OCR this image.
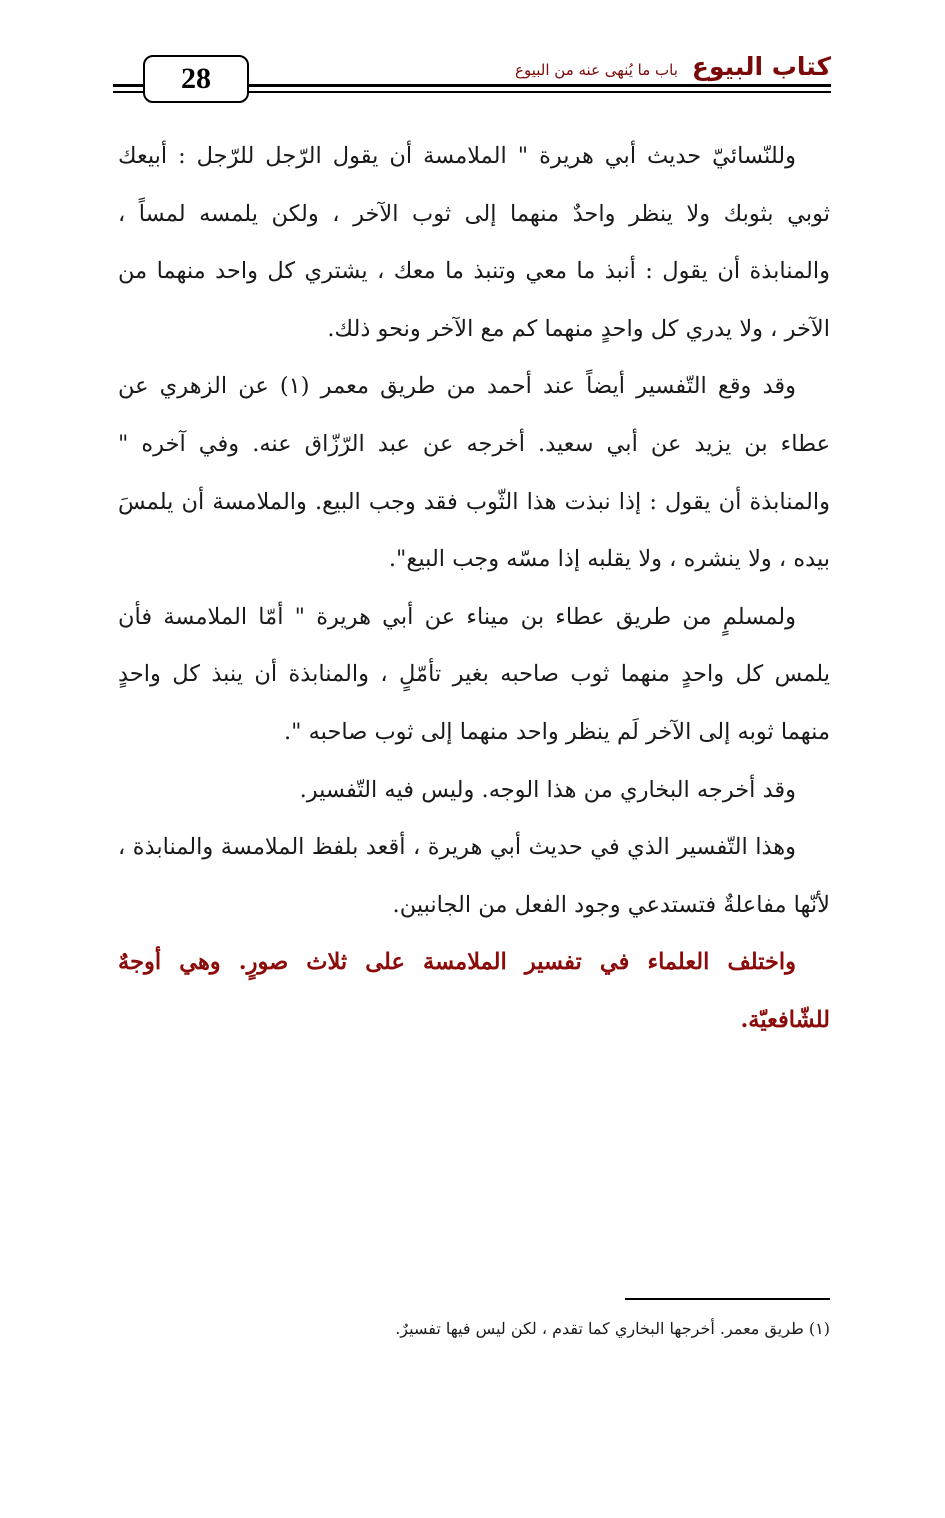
28	كتاب البيوع
باب ما يُنهى عنه من البيوع

وللنّسائيّ حديث أبي هريرة " الملامسة أن يقول الرّجل للرّجل : أبيعك ثوبي بثوبك ولا ينظر واحدٌ منهما إلى ثوب الآخر ، ولكن يلمسه لمساً ، والمنابذة أن يقول : أنبذ ما معي وتنبذ ما معك ، يشتري كل واحد منهما من الآخر ، ولا يدري كل واحدٍ منهما كم مع الآخر ونحو ذلك.

وقد وقع التّفسير أيضاً عند أحمد من طريق معمر (١) عن الزهري عن عطاء بن يزيد عن أبي سعيد. أخرجه عن عبد الرّزّاق عنه. وفي آخره " والمنابذة أن يقول : إذا نبذت هذا الثّوب فقد وجب البيع. والملامسة أن يلمسَ بيده ، ولا ينشره ، ولا يقلبه إذا مسّه وجب البيع".

ولمسلمٍ من طريق عطاء بن ميناء عن أبي هريرة " أمّا الملامسة فأن يلمس كل واحدٍ منهما ثوب صاحبه بغير تأمّلٍ ، والمنابذة أن ينبذ كل واحدٍ منهما ثوبه إلى الآخر لَم ينظر واحد منهما إلى ثوب صاحبه ".

وقد أخرجه البخاري من هذا الوجه. وليس فيه التّفسير.

وهذا التّفسير الذي في حديث أبي هريرة ، أقعد بلفظ الملامسة والمنابذة ، لأنّها مفاعلةٌ فتستدعي وجود الفعل من الجانبين.

واختلف العلماء في تفسير الملامسة على ثلاث صورٍ. وهي أوجهٌ للشّافعيّة.

(١) طريق معمر. أخرجها البخاري كما تقدم ، لكن ليس فيها تفسيرٌ.
